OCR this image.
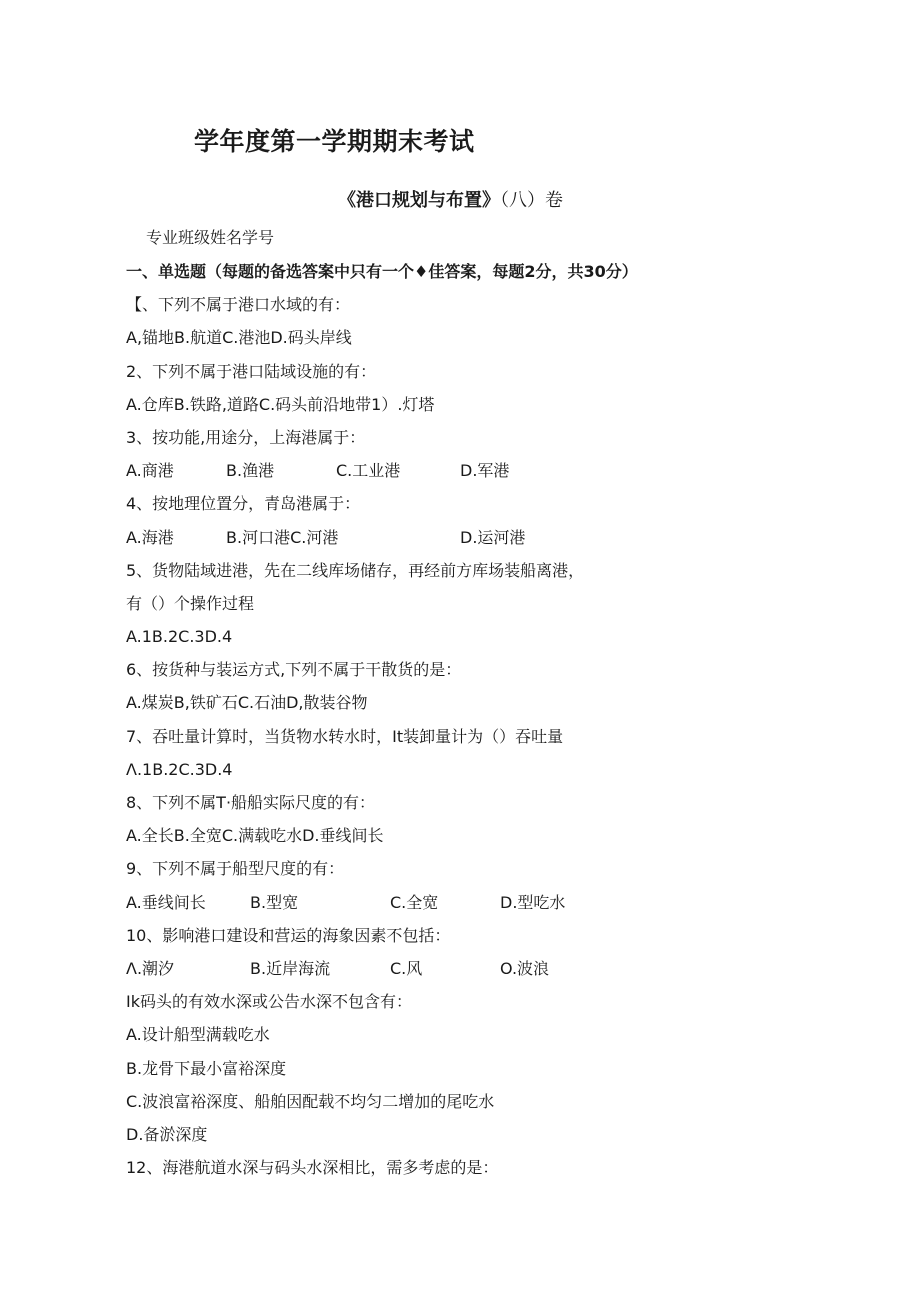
学年度第一学期期末考试
《港口规划与布置》（八）卷
专业班级姓名学号
一、单选题（每题的备选答案中只有一个♦佳答案，每题2分，共30分）
【、下列不属于港口水域的有：
A,锚地B.航道C.港池D.码头岸线
2、下列不属于港口陆域设施的有：
A.仓库B.铁路,道路C.码头前沿地带1）.灯塔
3、按功能,用途分，上海港属于：
A.商港	B.渔港	C.工业港	D.军港
4、按地理位置分，青岛港属于：
A.海港	B.河口港C.河港	D.运河港
5、货物陆域进港，先在二线库场储存，再经前方库场装船离港，
有（）个操作过程
A.1B.2C.3D.4
6、按货种与装运方式,下列不属于干散货的是：
A.煤炭B,铁矿石C.石油D,散装谷物
7、吞吐量计算时，当货物水转水时，It装卸量计为（）吞吐量
Λ.1B.2C.3D.4
8、下列不属T·船船实际尺度的有：
A.全长B.全宽C.满载吃水D.垂线间长
9、下列不属于船型尺度的有：
A.垂线间长	B.型宽	C.全宽	D.型吃水
10、影响港口建设和营运的海象因素不包括：
Λ.潮汐	B.近岸海流	C.风	O.波浪
Ik码头的有效水深或公告水深不包含有：
A.设计船型满载吃水
B.龙骨下最小富裕深度
C.波浪富裕深度、船舶因配载不均匀二增加的尾吃水
D.备淤深度
12、海港航道水深与码头水深相比，需多考虑的是：
